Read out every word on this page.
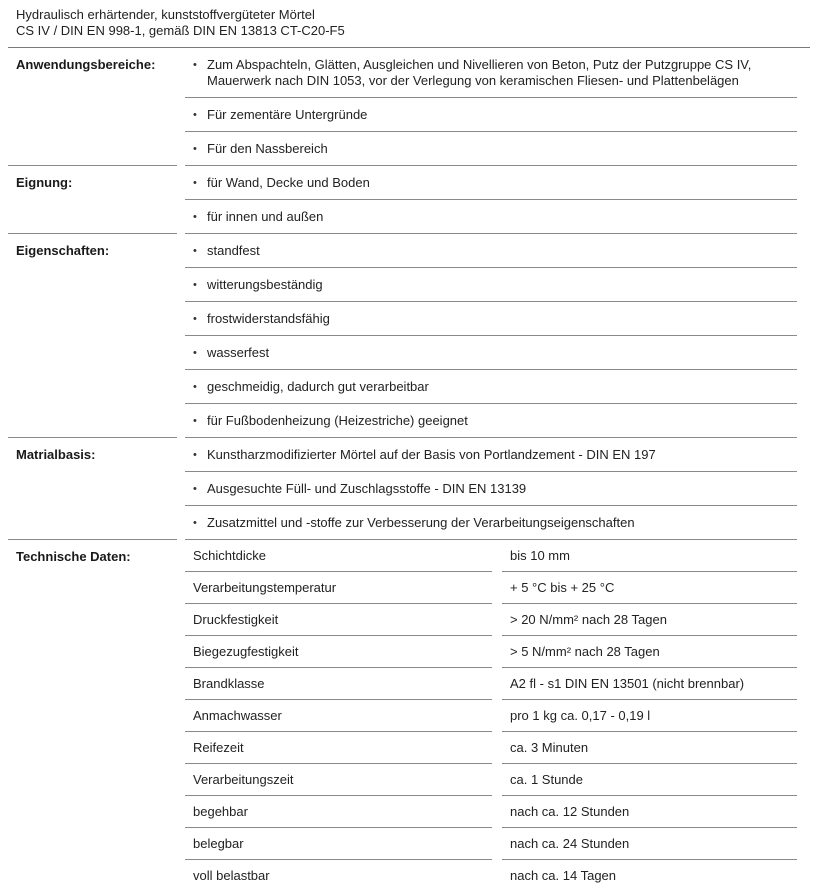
Hydraulisch erhärtender, kunststoffvergüteter Mörtel
CS IV / DIN EN 998-1, gemäß DIN EN 13813 CT-C20-F5
Anwendungsbereiche:	• Zum Abspachteln, Glätten, Ausgleichen und Nivellieren von Beton, Putz der Putzgruppe CS IV, Mauerwerk nach DIN 1053, vor der Verlegung von keramischen Fliesen- und Plattenbelägen
• Für zementäre Untergründe
• Für den Nassbereich
Eignung:	• für Wand, Decke und Boden
• für innen und außen
Eigenschaften:	• standfest
• witterungsbeständig
• frostwiderstandsfähig
• wasserfest
• geschmeidig, dadurch gut verarbeitbar
• für Fußbodenheizung (Heizestriche) geeignet
Matrialbasis:	• Kunstharzmodifizierter Mörtel auf der Basis von Portlandzement - DIN EN 197
• Ausgesuchte Füll- und Zuschlagsstoffe - DIN EN 13139
• Zusatzmittel und -stoffe zur Verbesserung der Verarbeitungseigenschaften
Technische Daten:	Schichtdicke	bis 10 mm
Verarbeitungstemperatur	+ 5 °C bis + 25 °C
Druckfestigkeit	> 20 N/mm² nach 28 Tagen
Biegezugfestigkeit	> 5 N/mm² nach 28 Tagen
Brandklasse	A2 fl - s1 DIN EN 13501 (nicht brennbar)
Anmachwasser	pro 1 kg ca. 0,17 - 0,19 l
Reifezeit	ca. 3 Minuten
Verarbeitungszeit	ca. 1 Stunde
begehbar	nach ca. 12 Stunden
belegbar	nach ca. 24 Stunden
voll belastbar	nach ca. 14 Tagen
